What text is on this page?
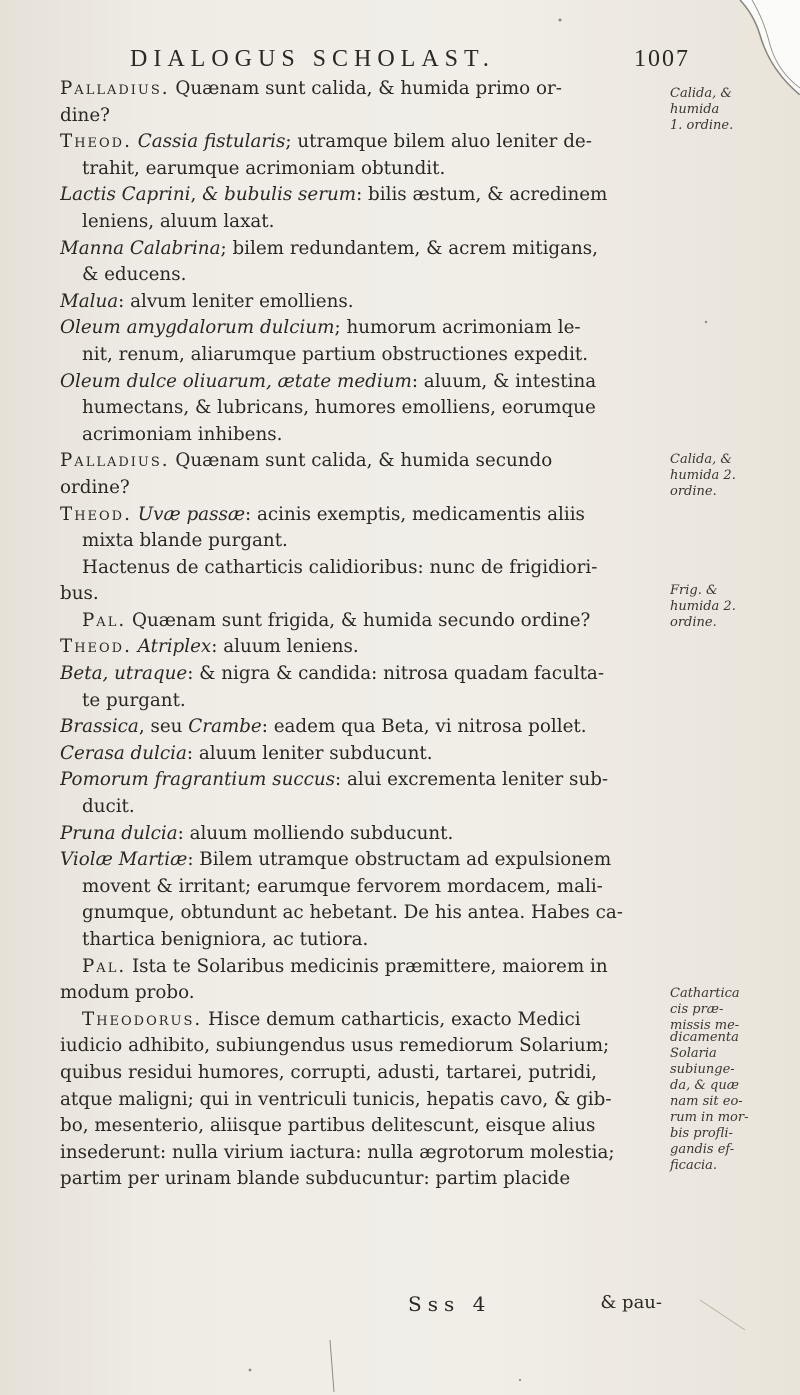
DIALOGUS SCHOLAST.	1007
Palladius. Quænam sunt calida, & humida primo or-
dine?
Theod. Cassia fistularis; utramque bilem aluo leniter de-
trahit, earumque acrimoniam obtundit.
Lactis Caprini, & bubulis serum: bilis æstum, & acredinem
leniens, aluum laxat.
Manna Calabrina; bilem redundantem, & acrem mitigans,
& educens.
Malua: alvum leniter emolliens.
Oleum amygdalorum dulcium; humorum acrimoniam le-
nit, renum, aliarumque partium obstructiones expedit.
Oleum dulce oliuarum, ætate medium: aluum, & intestina
humectans, & lubricans, humores emolliens, eorumque
acrimoniam inhibens.
Palladius. Quænam sunt calida, & humida secundo
ordine?
Theod. Uvæ passæ: acinis exemptis, medicamentis aliis
mixta blande purgant.
Hactenus de catharticis calidioribus: nunc de frigidiori-
bus.
Pal. Quænam sunt frigida, & humida secundo ordine?
Theod. Atriplex: aluum leniens.
Beta, utraque: & nigra & candida: nitrosa quadam faculta-
te purgant.
Brassica, seu Crambe: eadem qua Beta, vi nitrosa pollet.
Cerasa dulcia: aluum leniter subducunt.
Pomorum fragrantium succus: alui excrementa leniter sub-
ducit.
Pruna dulcia: aluum molliendo subducunt.
Violæ Martiæ: Bilem utramque obstructam ad expulsionem
movent & irritant; earumque fervorem mordacem, mali-
gnumque, obtundunt ac hebetant. De his antea. Habes ca-
thartica benigniora, ac tutiora.
Pal. Ista te Solaribus medicinis præmittere, maiorem in
modum probo.
Theodorus. Hisce demum catharticis, exacto Medici
iudicio adhibito, subiungendus usus remediorum Solarium;
quibus residui humores, corrupti, adusti, tartarei, putridi,
atque maligni; qui in ventriculi tunicis, hepatis cavo, & gib-
bo, mesenterio, aliisque partibus delitescunt, eisque alius
insederunt: nulla virium iactura: nulla ægrotorum molestia;
partim per urinam blande subducuntur: partim placide
Calida, &
humida
1. ordine.
Calida, &
humida 2.
ordine.
Frig. &
humida 2.
ordine.
Cathartica
cis præ-
missis me-
dicamenta
Solaria
subiunge-
da, & quæ
nam sit eo-
rum in mor-
bis profli-
gandis ef-
ficacia.
Sss 4	& pau-
